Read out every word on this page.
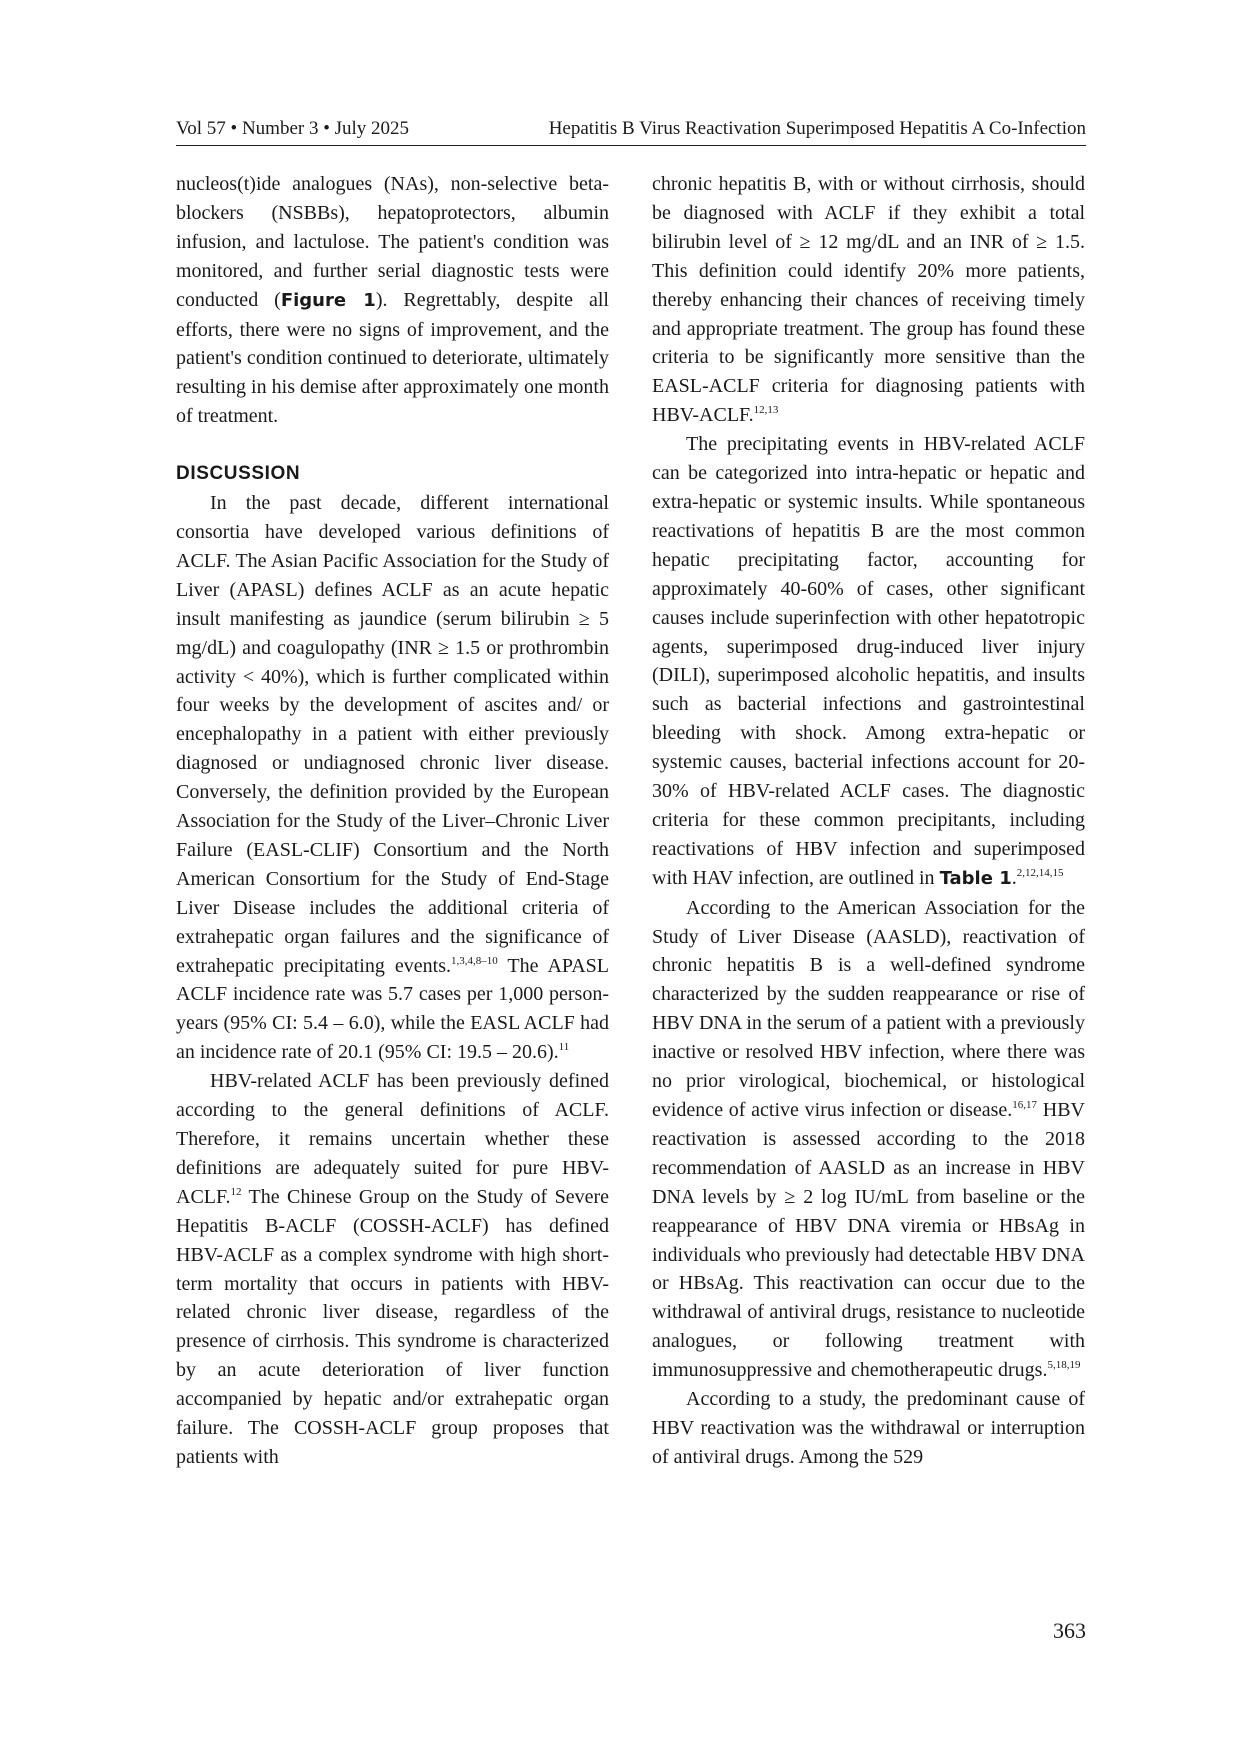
Vol 57 • Number 3 • July 2025	Hepatitis B Virus Reactivation Superimposed Hepatitis A Co-Infection

nucleos(t)ide analogues (NAs), non-selective beta-blockers (NSBBs), hepatoprotectors, albumin infusion, and lactulose. The patient's condition was monitored, and further serial diagnostic tests were conducted (Figure 1). Regrettably, despite all efforts, there were no signs of improvement, and the patient's condition continued to deteriorate, ultimately resulting in his demise after approximately one month of treatment.

DISCUSSION

In the past decade, different international consortia have developed various definitions of ACLF. The Asian Pacific Association for the Study of Liver (APASL) defines ACLF as an acute hepatic insult manifesting as jaundice (serum bilirubin ≥ 5 mg/dL) and coagulopathy (INR ≥ 1.5 or prothrombin activity < 40%), which is further complicated within four weeks by the development of ascites and/ or encephalopathy in a patient with either previously diagnosed or undiagnosed chronic liver disease. Conversely, the definition provided by the European Association for the Study of the Liver–Chronic Liver Failure (EASL-CLIF) Consortium and the North American Consortium for the Study of End-Stage Liver Disease includes the additional criteria of extrahepatic organ failures and the significance of extrahepatic precipitating events.$^{1,3,4,8-10}$ The APASL ACLF incidence rate was 5.7 cases per 1,000 person-years (95% CI: 5.4 – 6.0), while the EASL ACLF had an incidence rate of 20.1 (95% CI: 19.5 – 20.6).$^{11}$

HBV-related ACLF has been previously defined according to the general definitions of ACLF. Therefore, it remains uncertain whether these definitions are adequately suited for pure HBV-ACLF.$^{12}$ The Chinese Group on the Study of Severe Hepatitis B-ACLF (COSSH-ACLF) has defined HBV-ACLF as a complex syndrome with high short-term mortality that occurs in patients with HBV-related chronic liver disease, regardless of the presence of cirrhosis. This syndrome is characterized by an acute deterioration of liver function accompanied by hepatic and/or extrahepatic organ failure. The COSSH-ACLF group proposes that patients with

chronic hepatitis B, with or without cirrhosis, should be diagnosed with ACLF if they exhibit a total bilirubin level of ≥ 12 mg/dL and an INR of ≥ 1.5. This definition could identify 20% more patients, thereby enhancing their chances of receiving timely and appropriate treatment. The group has found these criteria to be significantly more sensitive than the EASL-ACLF criteria for diagnosing patients with HBV-ACLF.$^{12,13}$

The precipitating events in HBV-related ACLF can be categorized into intra-hepatic or hepatic and extra-hepatic or systemic insults. While spontaneous reactivations of hepatitis B are the most common hepatic precipitating factor, accounting for approximately 40-60% of cases, other significant causes include superinfection with other hepatotropic agents, superimposed drug-induced liver injury (DILI), superimposed alcoholic hepatitis, and insults such as bacterial infections and gastrointestinal bleeding with shock. Among extra-hepatic or systemic causes, bacterial infections account for 20-30% of HBV-related ACLF cases. The diagnostic criteria for these common precipitants, including reactivations of HBV infection and superimposed with HAV infection, are outlined in Table 1.$^{2,12,14,15}$

According to the American Association for the Study of Liver Disease (AASLD), reactivation of chronic hepatitis B is a well-defined syndrome characterized by the sudden reappearance or rise of HBV DNA in the serum of a patient with a previously inactive or resolved HBV infection, where there was no prior virological, biochemical, or histological evidence of active virus infection or disease.$^{16,17}$ HBV reactivation is assessed according to the 2018 recommendation of AASLD as an increase in HBV DNA levels by ≥ 2 log IU/mL from baseline or the reappearance of HBV DNA viremia or HBsAg in individuals who previously had detectable HBV DNA or HBsAg. This reactivation can occur due to the withdrawal of antiviral drugs, resistance to nucleotide analogues, or following treatment with immunosuppressive and chemotherapeutic drugs.$^{5,18,19}$

According to a study, the predominant cause of HBV reactivation was the withdrawal or interruption of antiviral drugs. Among the 529

363
